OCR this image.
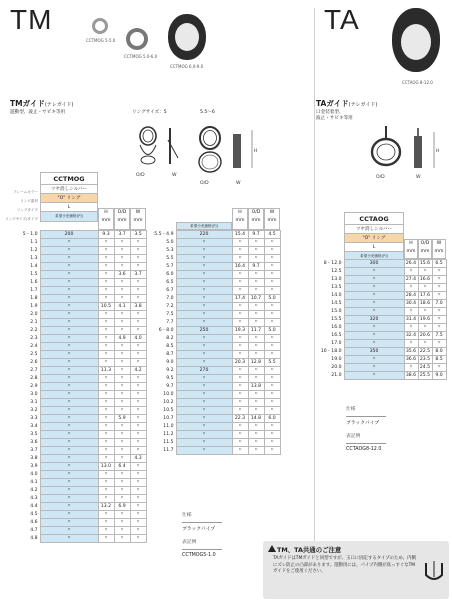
TM
CCTMOG 5-5.0
CCTMOG 5.0-6.0
CCTMOG 6.0-9.0
TMガイド(テレガイド)
遊動型、波止・サビキ等用	リングサイズ：5	5.5〜6
O/D	W
H
O/D	W
フレームカラー
リング素材
リングタイプ
リングサイズ/タイプ
CCTMOG
ツヤ消しシルバー
"O" リング
L
希望小売価格(円)
H
mm
O/D
mm
W
mm
5 - 1.0	200	9.3	3.7	3.5
1.1	〃	〃	〃	〃
1.2	〃	〃	〃	〃
1.3	〃	〃	〃	〃
1.4	〃	〃	〃	〃
1.5	〃	〃	3.6	3.7
1.6	〃	〃	〃	〃
1.7	〃	〃	〃	〃
1.8	〃	〃	〃	〃
1.9	〃	10.5	4.1	3.8
2.0	〃	〃	〃	〃
2.1	〃	〃	〃	〃
2.2	〃	〃	〃	〃
2.3	〃	〃	4.9	4.0
2.4	〃	〃	〃	〃
2.5	〃	〃	〃	〃
2.6	〃	〃	〃	〃
2.7	〃	11.3	〃	4.2
2.8	〃	〃	〃	〃
2.9	〃	〃	〃	〃
3.0	〃	〃	〃	〃
3.1	〃	〃	〃	〃
3.2	〃	〃	〃	〃
3.3	〃	〃	5.9	〃
3.4	〃	〃	〃	〃
3.5	〃	〃	〃	〃
3.6	〃	〃	〃	〃
3.7	〃	〃	〃	〃
3.8	〃	〃	〃	4.3
3.9	〃	13.0	6.4	〃
4.0	〃	〃	〃	〃
4.1	〃	〃	〃	〃
4.2	〃	〃	〃	〃
4.3	〃	〃	〃	〃
4.4	〃	13.2	6.9	〃
4.5	〃	〃	〃	〃
4.6	〃	〃	〃	〃
4.7	〃	〃	〃	〃
4.8	〃	〃	〃	〃
希望小売価格(円)
H
mm
O/D
mm
W
mm
5.5 - 4.9	220	15.4	9.7	4.5
5.0	〃	〃	〃	〃
5.3	〃	〃	〃	〃
5.5	〃	〃	〃	〃
5.7	〃	16.4	9.7	〃
6.0	〃	〃	〃	〃
6.5	〃	〃	〃	〃
6.7	〃	〃	〃	〃
7.0	〃	17.4	10.7	5.0
7.2	〃	〃	〃	〃
7.5	〃	〃	〃	〃
7.7	〃	〃	〃	〃
6 - 8.0	250	19.3	11.7	5.0
8.2	〃	〃	〃	〃
8.5	〃	〃	〃	〃
8.7	〃	〃	〃	〃
9.0	〃	20.3	12.8	5.5
9.2	270	〃	〃	〃
9.5	〃	〃	〃	〃
9.7	〃	〃	13.8	〃
10.0	〃	〃	〃	〃
10.2	〃	〃	〃	〃
10.5	〃	〃	〃	〃
10.7	〃	22.3	14.8	6.0
11.0	〃	〃	〃	〃
11.2	〃	〃	〃	〃
11.5	〃	〃	〃	〃
11.7	〃	〃	〃	〃
仕様
ブラックパイプ
表記例
CCTMOG5-1.0
TA
CCTAOG 8-12.0
TAガイド(テレガイド)
口金装着型、
波止・サビキ等用
H
O/D	W
CCTAOG
ツヤ消しシルバー
"O" リング
L
希望小売価格(円)
H
mm
O/D
mm
W
mm
8 - 12.0	300	26.4	15.6	6.5
12.5	〃	〃	〃	〃
13.0	〃	27.4	16.6	〃
13.5	〃	〃	〃	〃
14.0	〃	28.4	17.6	〃
14.5	〃	30.4	18.6	7.0
15.0	〃	〃	〃	〃
15.5	320	31.4	19.6	〃
16.0	〃	〃	〃	〃
16.5	〃	32.4	20.6	7.5
17.0	〃	〃	〃	〃
10 - 18.0	350	35.6	22.5	8.0
19.0	〃	36.6	23.5	8.5
20.0	〃	〃	24.5	〃
21.0	〃	38.6	25.5	9.0
仕様
ブラックパイプ
表記例
CCTAOG8-12.0
TM、TA共通のご注意
TAガイドはTMガイドと同型ですが、玉口に固定するタイプのため、内側にズレ防止の凸部があります。遊動用には、パイプ内側が真っすぐなTMガイドをご使用ください。
